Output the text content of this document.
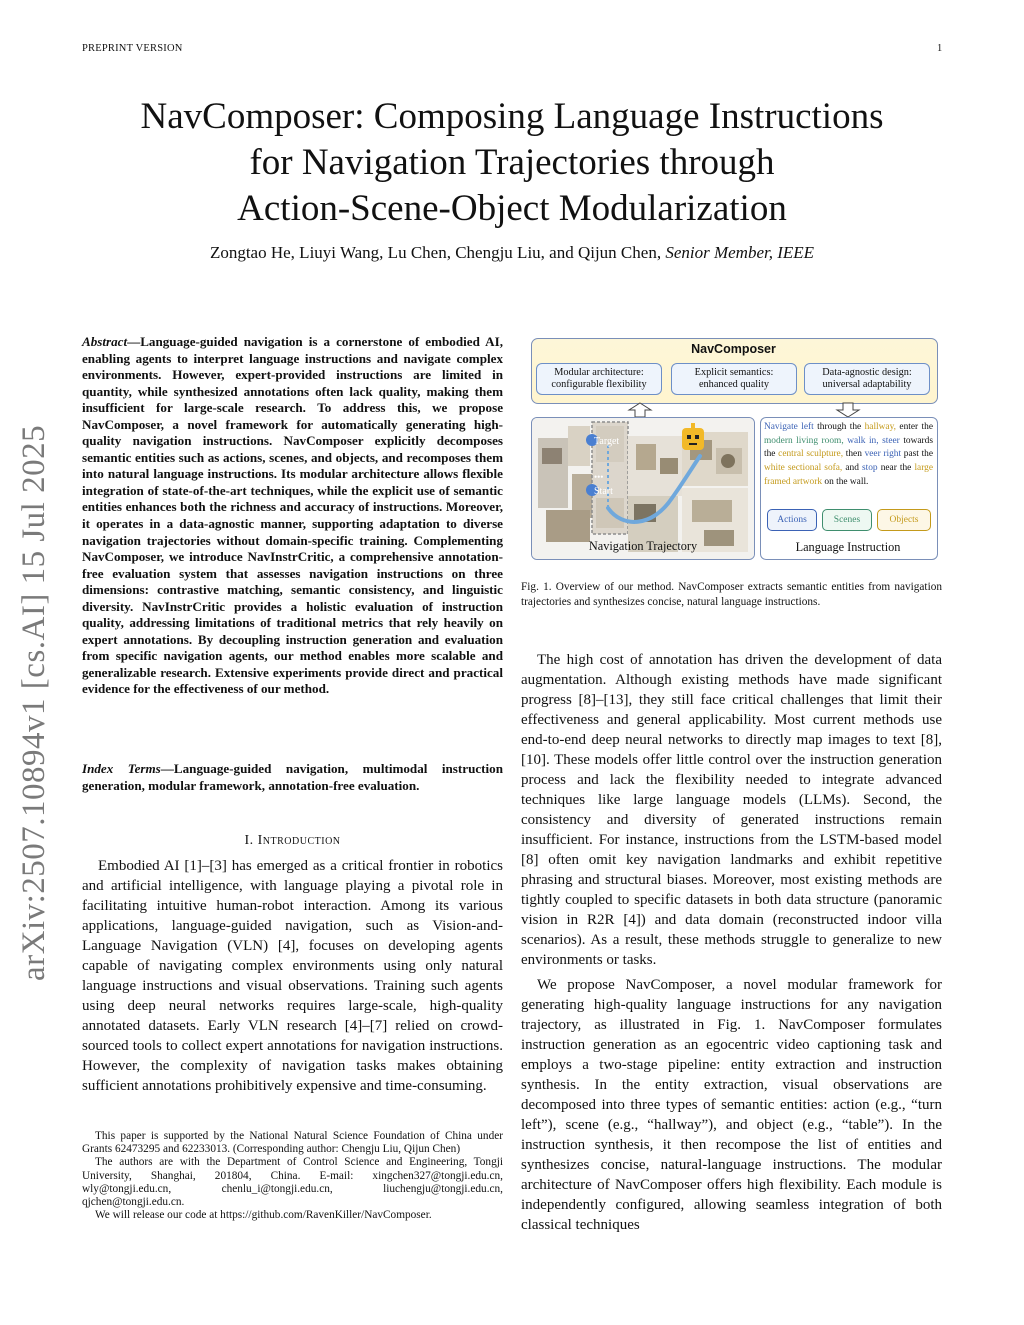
PREPRINT VERSION	1
NavComposer: Composing Language Instructions
for Navigation Trajectories through
Action-Scene-Object Modularization
Zongtao He, Liuyi Wang, Lu Chen, Chengju Liu, and Qijun Chen, Senior Member, IEEE
arXiv:2507.10894v1 [cs.AI] 15 Jul 2025
Abstract—Language-guided navigation is a cornerstone of embodied AI, enabling agents to interpret language instructions and navigate complex environments. However, expert-provided instructions are limited in quantity, while synthesized annotations often lack quality, making them insufficient for large-scale research. To address this, we propose NavComposer, a novel framework for automatically generating high-quality navigation instructions. NavComposer explicitly decomposes semantic entities such as actions, scenes, and objects, and recomposes them into natural language instructions. Its modular architecture allows flexible integration of state-of-the-art techniques, while the explicit use of semantic entities enhances both the richness and accuracy of instructions. Moreover, it operates in a data-agnostic manner, supporting adaptation to diverse navigation trajectories without domain-specific training. Complementing NavComposer, we introduce NavInstrCritic, a comprehensive annotation-free evaluation system that assesses navigation instructions on three dimensions: contrastive matching, semantic consistency, and linguistic diversity. NavInstrCritic provides a holistic evaluation of instruction quality, addressing limitations of traditional metrics that rely heavily on expert annotations. By decoupling instruction generation and evaluation from specific navigation agents, our method enables more scalable and generalizable research. Extensive experiments provide direct and practical evidence for the effectiveness of our method.
Index Terms—Language-guided navigation, multimodal instruction generation, modular framework, annotation-free evaluation.
I. Introduction

Embodied AI [1]–[3] has emerged as a critical frontier in robotics and artificial intelligence, with language playing a pivotal role in facilitating intuitive human-robot interaction. Among its various applications, language-guided navigation, such as Vision-and-Language Navigation (VLN) [4], focuses on developing agents capable of navigating complex environments using only natural language instructions and visual observations. Training such agents using deep neural networks requires large-scale, high-quality annotated datasets. Early VLN research [4]–[7] relied on crowd-sourced tools to collect expert annotations for navigation instructions. However, the complexity of navigation tasks makes obtaining sufficient annotations prohibitively expensive and time-consuming.

This paper is supported by the National Natural Science Foundation of China under Grants 62473295 and 62233013. (Corresponding author: Chengju Liu, Qijun Chen)

The authors are with the Department of Control Science and Engineering, Tongji University, Shanghai, 201804, China. E-mail: xingchen327@tongji.edu.cn, wly@tongji.edu.cn, chenlu_i@tongji.edu.cn, liuchengju@tongji.edu.cn, qjchen@tongji.edu.cn.

We will release our code at https://github.com/RavenKiller/NavComposer.

NavComposer
Modular architecture:
configurable flexibility
Explicit semantics:
enhanced quality
Data-agnostic design:
universal adaptability
Target
•••
Start
Navigation Trajectory
Navigate left through the hallway, enter the modern living room, walk in, steer towards the central sculpture, then veer right past the white sectional sofa, and stop near the large framed artwork on the wall.
Actions	Scenes	Objects
Language Instruction
Fig. 1. Overview of our method. NavComposer extracts semantic entities from navigation trajectories and synthesizes concise, natural language instructions.

The high cost of annotation has driven the development of data augmentation. Although existing methods have made significant progress [8]–[13], they still face critical challenges that limit their effectiveness and general applicability. Most current methods use end-to-end deep neural networks to directly map images to text [8], [10]. These models offer little control over the instruction generation process and lack the flexibility needed to integrate advanced techniques like large language models (LLMs). Second, the consistency and diversity of generated instructions remain insufficient. For instance, instructions from the LSTM-based model [8] often omit key navigation landmarks and exhibit repetitive phrasing and structural biases. Moreover, most existing methods are tightly coupled to specific datasets in both data structure (panoramic vision in R2R [4]) and data domain (reconstructed indoor villa scenarios). As a result, these methods struggle to generalize to new environments or tasks.

We propose NavComposer, a novel modular framework for generating high-quality language instructions for any navigation trajectory, as illustrated in Fig. 1. NavComposer formulates instruction generation as an egocentric video captioning task and employs a two-stage pipeline: entity extraction and instruction synthesis. In the entity extraction, visual observations are decomposed into three types of semantic entities: action (e.g., “turn left”), scene (e.g., “hallway”), and object (e.g., “table”). In the instruction synthesis, it then recompose the list of entities and synthesizes concise, natural-language instructions. The modular architecture of NavComposer offers high flexibility. Each module is independently configured, allowing seamless integration of both classical techniques
